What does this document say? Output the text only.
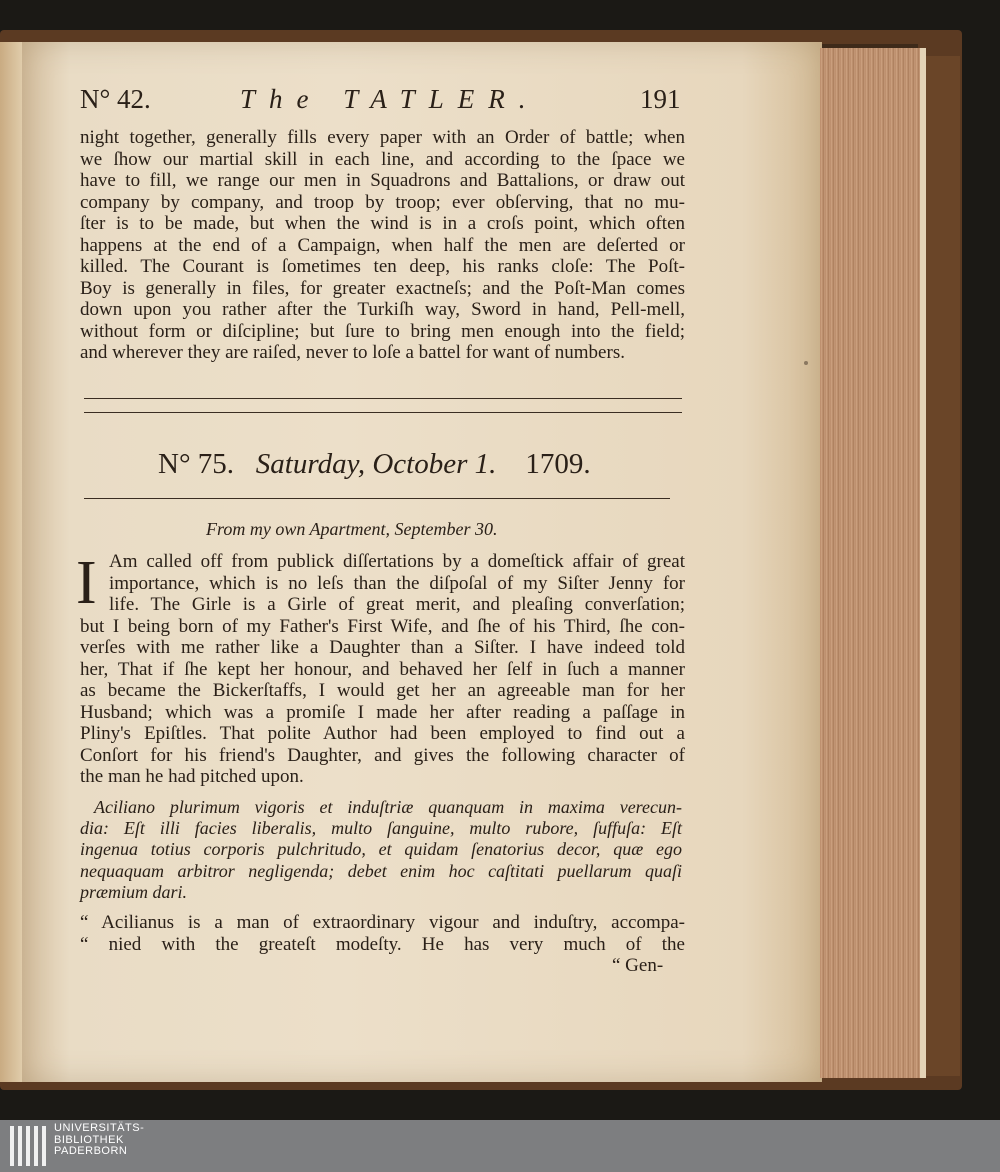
N° 42.	The TATLER.	191
night together, generally fills every paper with an Order of battle; when
we ſhow our martial skill in each line, and according to the ſpace we
have to fill, we range our men in Squadrons and Battalions, or draw out
company by company, and troop by troop; ever obſerving, that no mu-
ſter is to be made, but when the wind is in a croſs point, which often
happens at the end of a Campaign, when half the men are deſerted or
killed. The Courant is ſometimes ten deep, his ranks cloſe: The Poſt-
Boy is generally in files, for greater exactneſs; and the Poſt-Man comes
down upon you rather after the Turkiſh way, Sword in hand, Pell-mell,
without form or diſcipline; but ſure to bring men enough into the field;
and wherever they are raiſed, never to loſe a battel for want of numbers.
N° 75. Saturday, October 1. 1709.
From my own Apartment, September 30.
I Am called off from publick diſſertations by a domeſtick affair of great
importance, which is no leſs than the diſpoſal of my Siſter Jenny for
life. The Girle is a Girle of great merit, and pleaſing converſation;
but I being born of my Father's First Wife, and ſhe of his Third, ſhe con-
verſes with me rather like a Daughter than a Siſter. I have indeed told
her, That if ſhe kept her honour, and behaved her ſelf in ſuch a manner
as became the Bickerſtaffs, I would get her an agreeable man for her
Husband; which was a promiſe I made her after reading a paſſage in
Pliny's Epiſtles. That polite Author had been employed to find out a
Conſort for his friend's Daughter, and gives the following character of
the man he had pitched upon.
Aciliano plurimum vigoris et induſtriæ quanquam in maxima verecun-
dia: Eſt illi facies liberalis, multo ſanguine, multo rubore, ſuffuſa: Eſt
ingenua totius corporis pulchritudo, et quidam ſenatorius decor, quæ ego
nequaquam arbitror negligenda; debet enim hoc caſtitati puellarum quaſi
præmium dari.
“ Acilianus is a man of extraordinary vigour and induſtry, accompa-
“ nied with the greateſt modeſty. He has very much of the
“ Gen-
UNIVERSITÄTS-
BIBLIOTHEK
PADERBORN
